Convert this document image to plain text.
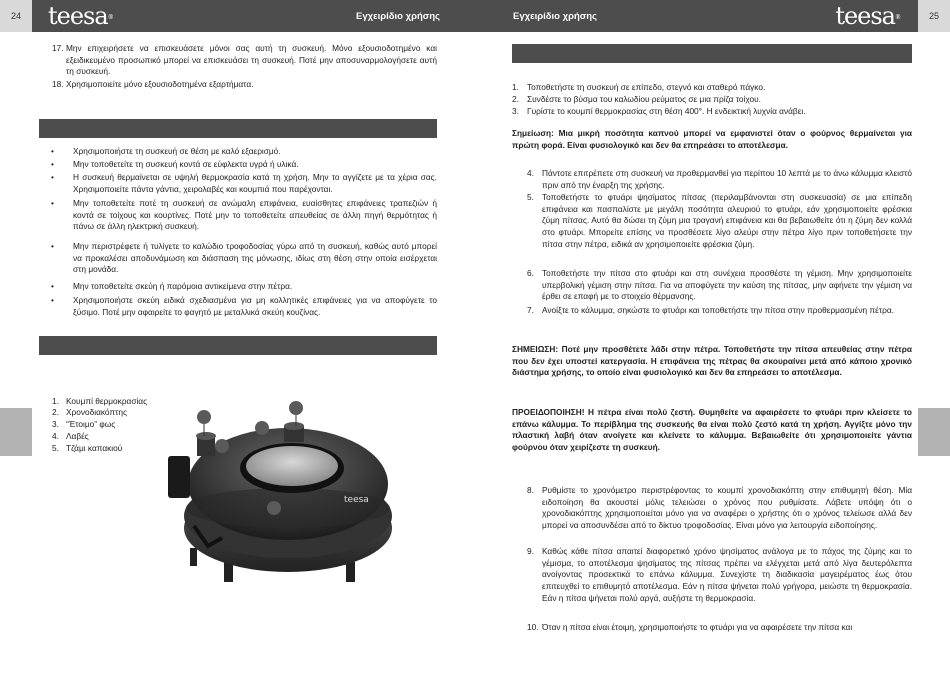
24	25
teesa®	teesa®
Εγχειρίδιο χρήσης	Εγχειρίδιο χρήσης
17. Μην επιχειρήσετε να επισκευάσετε μόνοι σας αυτή τη συσκευή. Μόνο εξουσιοδοτημένο και εξειδικευμένο προσωπικό μπορεί να επισκευάσει τη συσκευή. Ποτέ μην αποσυναρμολογήσετε αυτή τη συσκευή.
18. Χρησιμοποιείτε μόνο εξουσιοδοτημένα εξαρτήματα.
• Χρησιμοποιήστε τη συσκευή σε θέση με καλό εξαερισμό.
• Μην τοποθετείτε τη συσκευή κοντά σε εύφλεκτα υγρά ή υλικά.
• Η συσκευή θερμαίνεται σε υψηλή θερμοκρασία κατά τη χρήση. Μην το αγγίζετε με τα χέρια σας. Χρησιμοποιείτε πάντα γάντια, χειρολαβές και κουμπιά που παρέχονται.
• Μην τοποθετείτε ποτέ τη συσκευή σε ανώμαλη επιφάνεια, ευαίσθητες επιφάνειες τραπεζιών ή κοντά σε τοίχους και κουρτίνες. Ποτέ μην το τοποθετείτε απευθείας σε άλλη πηγή θερμότητας ή πάνω σε άλλη ηλεκτρική συσκευή.
• Μην περιστρέφετε ή τυλίγετε το καλώδιο τροφοδοσίας γύρω από τη συσκευή, καθώς αυτό μπορεί να προκαλέσει αποδυνάμωση και διάσπαση της μόνωσης, ιδίως στη θέση στην οποία εισέρχεται στη μονάδα.
• Μην τοποθετείτε σκεύη ή παρόμοια αντικείμενα στην πέτρα.
• Χρησιμοποιήστε σκεύη ειδικά σχεδιασμένα για μη κολλητικές επιφάνειες για να αποφύγετε το ξύσιμο. Ποτέ μην αφαιρείτε το φαγητό με μεταλλικά σκεύη κουζίνας.
1. Κουμπί θερμοκρασίας
2. Χρονοδιακόπτης
3. “Έτοιμο” φως
4. Λαβές
5. Τζάμι καπακιού
teesa
1. Τοποθετήστε τη συσκευή σε επίπεδο, στεγνό και σταθερό πάγκο.
2. Συνδέστε το βύσμα του καλωδίου ρεύματος σε μια πρίζα τοίχου.
3. Γυρίστε το κουμπί θερμοκρασίας στη θέση 400°. Η ενδεικτική λυχνία ανάβει.
Σημείωση: Μια μικρή ποσότητα καπνού μπορεί να εμφανιστεί όταν ο φούρνος θερμαίνεται για πρώτη φορά. Είναι φυσιολογικό και δεν θα επηρεάσει το αποτέλεσμα.
4. Πάντοτε επιτρέπετε στη συσκευή να προθερμανθεί για περίπου 10 λεπτά με το άνω κάλυμμα κλειστό πριν από την έναρξη της χρήσης.
5. Τοποθετήστε το φτυάρι ψησίματος πίτσας (περιλαμβάνονται στη συσκευασία) σε μια επίπεδη επιφάνεια και πασπαλίστε με μεγάλη ποσότητα αλευριού το φτυάρι, εάν χρησιμοποιείτε φρέσκια ζύμη πίτσας. Αυτό θα δώσει τη ζύμη μια τραγανή επιφάνεια και θα βεβαιωθείτε ότι η ζύμη δεν κολλά στο φτυάρι. Μπορείτε επίσης να προσθέσετε λίγο αλεύρι στην πέτρα λίγο πριν τοποθετήσετε την πίτσα στην πέτρα, ειδικά αν χρησιμοποιείτε φρέσκια ζύμη.
6. Τοποθετήστε την πίτσα στο φτυάρι και στη συνέχεια προσθέστε τη γέμιση. Μην χρησιμοποιείτε υπερβολική γέμιση στην πίτσα. Για να αποφύγετε την καύση της πίτσας, μην αφήνετε την γέμιση να έρθει σε επαφή με το στοιχείο θέρμανσης.
7. Ανοίξτε το κάλυμμα, σηκώστε το φτυάρι και τοποθετήστε την πίτσα στην προθερμασμένη πέτρα.
ΣΗΜΕΙΩΣΗ: Ποτέ μην προσθέτετε λάδι στην πέτρα. Τοποθετήστε την πίτσα απευθείας στην πέτρα που δεν έχει υποστεί κατεργασία. Η επιφάνεια της πέτρας θα σκουραίνει μετά από κάποιο χρονικό διάστημα χρήσης, το οποίο είναι φυσιολογικό και δεν θα επηρεάσει το αποτέλεσμα.
ΠΡΟΕΙΔΟΠΟΙΗΣΗ! Η πέτρα είναι πολύ ζεστή. Θυμηθείτε να αφαιρέσετε το φτυάρι πριν κλείσετε το επάνω κάλυμμα. Το περίβλημα της συσκευής θα είναι πολύ ζεστό κατά τη χρήση. Αγγίξτε μόνο την πλαστική λαβή όταν ανοίγετε και κλείνετε το κάλυμμα. Βεβαιωθείτε ότι χρησιμοποιείτε γάντια φούρνου όταν χειρίζεστε τη συσκευή.
8. Ρυθμίστε το χρονόμετρο περιστρέφοντας το κουμπί χρονοδιακόπτη στην επιθυμητή θέση. Μία ειδοποίηση θα ακουστεί μόλις τελειώσει ο χρόνος που ρυθμίσατε. Λάβετε υπόψη ότι ο χρονοδιακόπτης χρησιμοποιείται μόνο για να αναφέρει ο χρήστης ότι ο χρόνος τελείωσε αλλά δεν μπορεί να αποσυνδέσει από το δίκτυο τροφοδοσίας. Είναι μόνο για λειτουργία ειδοποίησης.
9. Καθώς κάθε πίτσα απαιτεί διαφορετικό χρόνο ψησίματος ανάλογα με το πάχος της ζύμης και το γέμισμα, το αποτέλεσμα ψησίματος της πίτσας πρέπει να ελέγχεται μετά από λίγα δευτερόλεπτα ανοίγοντας προσεκτικά το επάνω κάλυμμα. Συνεχίστε τη διαδικασία μαγειρέματος έως ότου επιτευχθεί το επιθυμητό αποτέλεσμα. Εάν η πίτσα ψήνεται πολύ γρήγορα, μειώστε τη θερμοκρασία. Εάν η πίτσα ψήνεται πολύ αργά, αυξήστε τη θερμοκρασία.
10. Όταν η πίτσα είναι έτοιμη, χρησιμοποιήστε το φτυάρι για να αφαιρέσετε την πίτσα και
